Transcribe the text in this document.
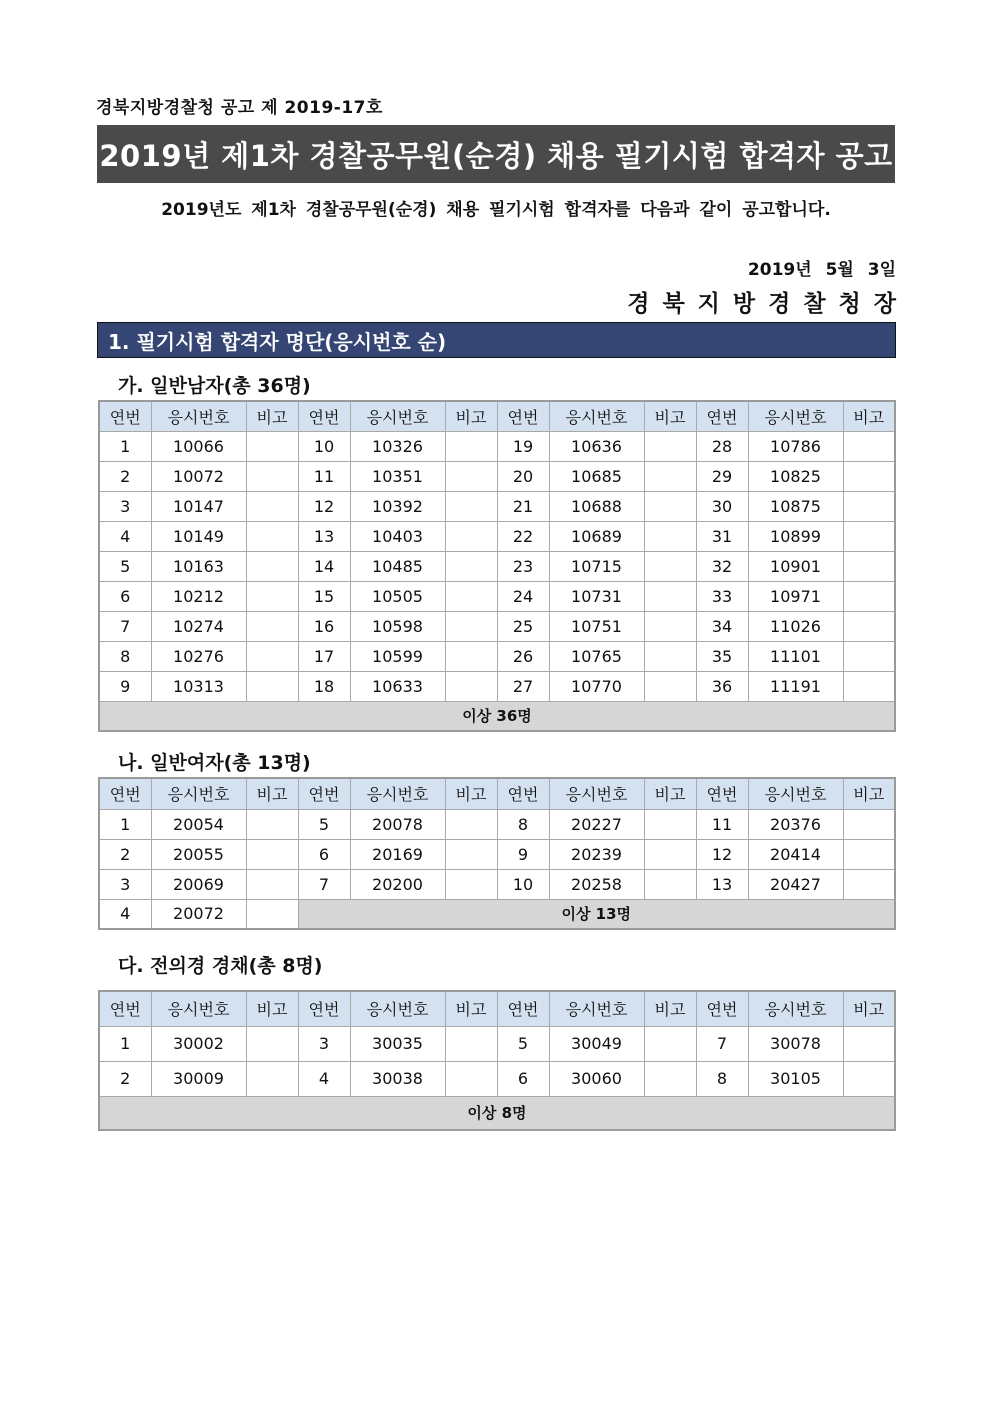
경북지방경찰청 공고 제 2019-17호
2019년 제1차 경찰공무원(순경) 채용 필기시험 합격자 공고
2019년도 제1차 경찰공무원(순경) 채용 필기시험 합격자를 다음과 같이 공고합니다.
2019년 5월 3일
경북지방경찰청장
1. 필기시험 합격자 명단(응시번호 순)
가. 일반남자(총 36명)
연번	응시번호	비고	연번	응시번호	비고	연번	응시번호	비고	연번	응시번호	비고
1	10066		10	10326		19	10636		28	10786	
2	10072		11	10351		20	10685		29	10825	
3	10147		12	10392		21	10688		30	10875	
4	10149		13	10403		22	10689		31	10899	
5	10163		14	10485		23	10715		32	10901	
6	10212		15	10505		24	10731		33	10971	
7	10274		16	10598		25	10751		34	11026	
8	10276		17	10599		26	10765		35	11101	
9	10313		18	10633		27	10770		36	11191	
이상 36명											
나. 일반여자(총 13명)
연번	응시번호	비고	연번	응시번호	비고	연번	응시번호	비고	연번	응시번호	비고
1	20054		5	20078		8	20227		11	20376	
2	20055		6	20169		9	20239		12	20414	
3	20069		7	20200		10	20258		13	20427	
4	20072		이상 13명								
다. 전의경 경채(총 8명)
연번	응시번호	비고	연번	응시번호	비고	연번	응시번호	비고	연번	응시번호	비고
1	30002		3	30035		5	30049		7	30078	
2	30009		4	30038		6	30060		8	30105	
이상 8명											
